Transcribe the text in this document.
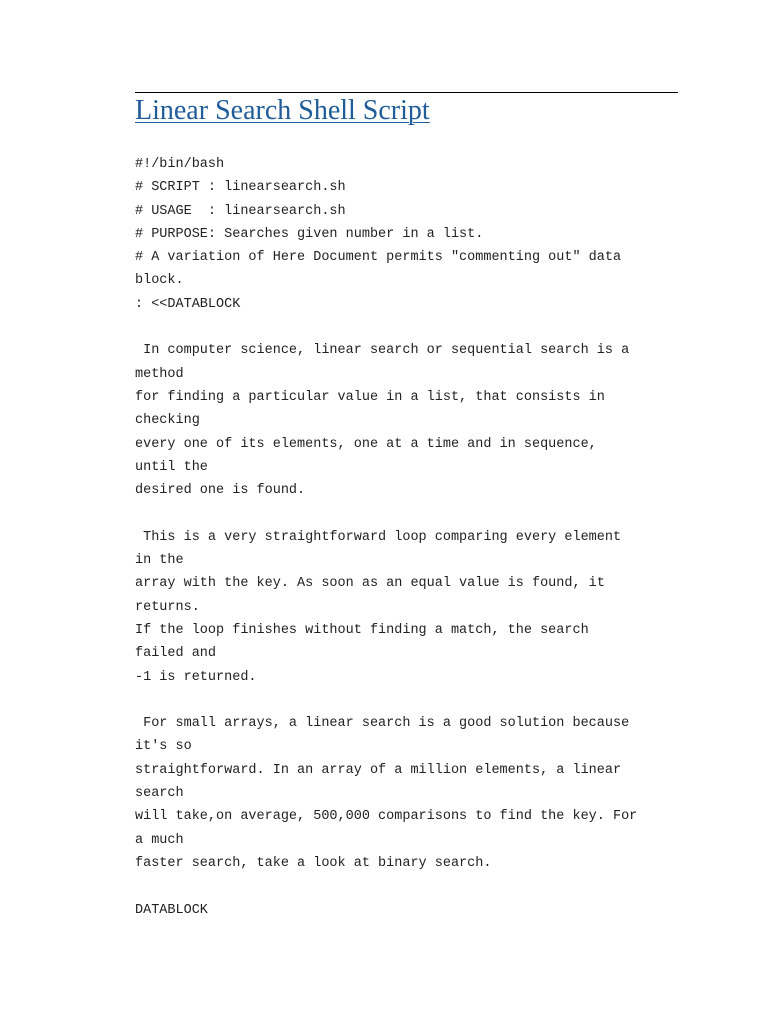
Linear Search Shell Script
#!/bin/bash
# SCRIPT : linearsearch.sh
# USAGE  : linearsearch.sh
# PURPOSE: Searches given number in a list.
# A variation of Here Document permits "commenting out" data
block.
: <<DATABLOCK
In computer science, linear search or sequential search is a
method
for finding a particular value in a list, that consists in
checking
every one of its elements, one at a time and in sequence,
until the
desired one is found.
This is a very straightforward loop comparing every element
in the
array with the key. As soon as an equal value is found, it
returns.
If the loop finishes without finding a match, the search
failed and
-1 is returned.
For small arrays, a linear search is a good solution because
it's so
straightforward. In an array of a million elements, a linear
search
will take,on average, 500,000 comparisons to find the key. For
a much
faster search, take a look at binary search.
DATABLOCK
